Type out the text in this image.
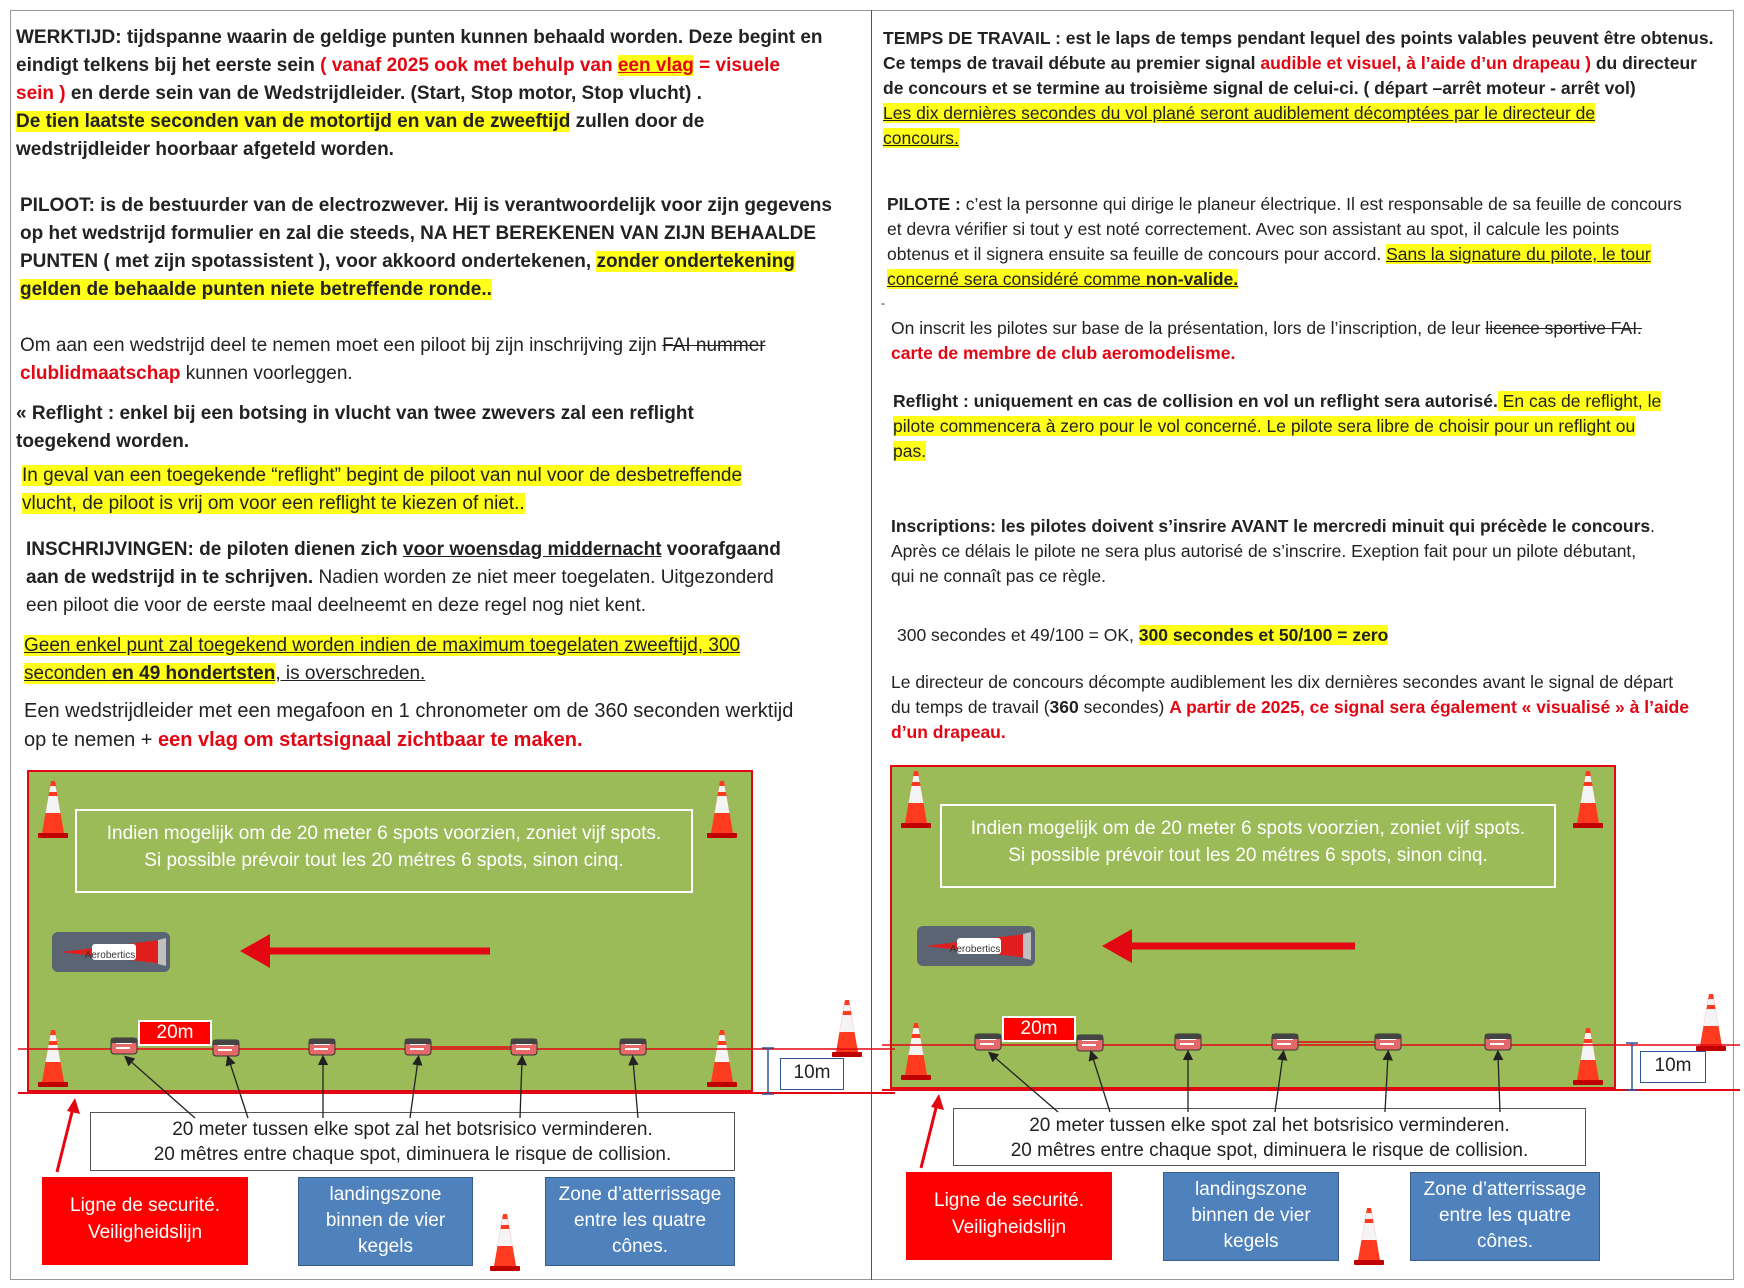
WERKTIJD: tijdspanne waarin de geldige punten kunnen behaald worden. Deze begint en
eindigt telkens bij het eerste sein ( vanaf 2025 ook met behulp van een vlag = visuele
sein ) en derde sein van de Wedstrijdleider. (Start, Stop motor, Stop vlucht) .
De tien laatste seconden van de motortijd en van de zweeftijd zullen door de
wedstrijdleider hoorbaar afgeteld worden.
PILOOT: is de bestuurder van de electrozwever. Hij is verantwoordelijk voor zijn gegevens
op het wedstrijd formulier en zal die steeds, NA HET BEREKENEN VAN ZIJN BEHAALDE
PUNTEN ( met zijn spotassistent ), voor akkoord ondertekenen, zonder ondertekening
gelden de behaalde punten niete betreffende ronde..
Om aan een wedstrijd deel te nemen moet een piloot bij zijn inschrijving zijn FAI nummer
clublidmaatschap kunnen voorleggen.
« Reflight : enkel bij een botsing in vlucht van twee zwevers zal een reflight
toegekend worden.
In geval van een toegekende “reflight” begint de piloot van nul voor de desbetreffende
vlucht, de piloot is vrij om voor een reflight te kiezen of niet..
INSCHRIJVINGEN: de piloten dienen zich voor woensdag middernacht voorafgaand
aan de wedstrijd in te schrijven. Nadien worden ze niet meer toegelaten. Uitgezonderd
een piloot die voor de eerste maal deelneemt en deze regel nog niet kent.
Geen enkel punt zal toegekend worden indien de maximum toegelaten zweeftijd, 300
seconden en 49 hondertsten, is overschreden.
Een wedstrijdleider met een megafoon en 1 chronometer om de 360 seconden werktijd
op te nemen + een vlag om startsignaal zichtbaar te maken.
TEMPS DE TRAVAIL : est le laps de temps pendant lequel des points valables peuvent être obtenus.
Ce temps de travail débute au premier signal audible et visuel, à l’aide d’un drapeau ) du directeur
de concours et se termine au troisième signal de celui-ci. ( départ –arrêt moteur - arrêt vol)
Les dix dernières secondes du vol plané seront audiblement décomptées par le directeur de
concours.
PILOTE : c’est la personne qui dirige le planeur électrique. Il est responsable de sa feuille de concours
et devra vérifier si tout y est noté correctement. Avec son assistant au spot, il calcule les points
obtenus et il signera ensuite sa feuille de concours pour accord. Sans la signature du pilote, le tour
concerné sera considéré comme non-valide.
-
On inscrit les pilotes sur base de la présentation, lors de l’inscription, de leur licence sportive FAI.
carte de membre de club aeromodelisme.
Reflight : uniquement en cas de collision en vol un reflight sera autorisé. En cas de reflight, le
pilote commencera à zero pour le vol concerné. Le pilote sera libre de choisir pour un reflight ou
pas.
Inscriptions: les pilotes doivent s’insrire AVANT le mercredi minuit qui précède le concours.
Après ce délais le pilote ne sera plus autorisé de s’inscrire. Exeption fait pour un pilote débutant,
qui ne connaît pas ce règle.
300 secondes et 49/100 = OK, 300 secondes et 50/100 = zero
Le directeur de concours décompte audiblement les dix dernières secondes avant le signal de départ
du temps de travail (360 secondes) A partir de 2025, ce signal sera également « visualisé » à l’aide
d’un drapeau.
Indien mogelijk om de 20 meter 6 spots voorzien, zoniet vijf spots.
Si possible prévoir tout les 20 métres 6 spots, sinon cinq.
20m
10m
20 meter tussen elke spot zal het botsrisico verminderen.
20 mêtres entre chaque spot, diminuera le risque de collision.
Ligne de securité.
Veiligheidslijn
landingszone binnen de vier kegels
Zone d’atterrissage entre les quatre cônes.
Indien mogelijk om de 20 meter 6 spots voorzien, zoniet vijf spots.
Si possible prévoir tout les 20 métres 6 spots, sinon cinq.
20m
10m
20 meter tussen elke spot zal het botsrisico verminderen.
20 mêtres entre chaque spot, diminuera le risque de collision.
Ligne de securité.
Veiligheidslijn
landingszone binnen de vier kegels
Zone d’atterrissage entre les quatre cônes.
Aerobertics
Aerobertics
